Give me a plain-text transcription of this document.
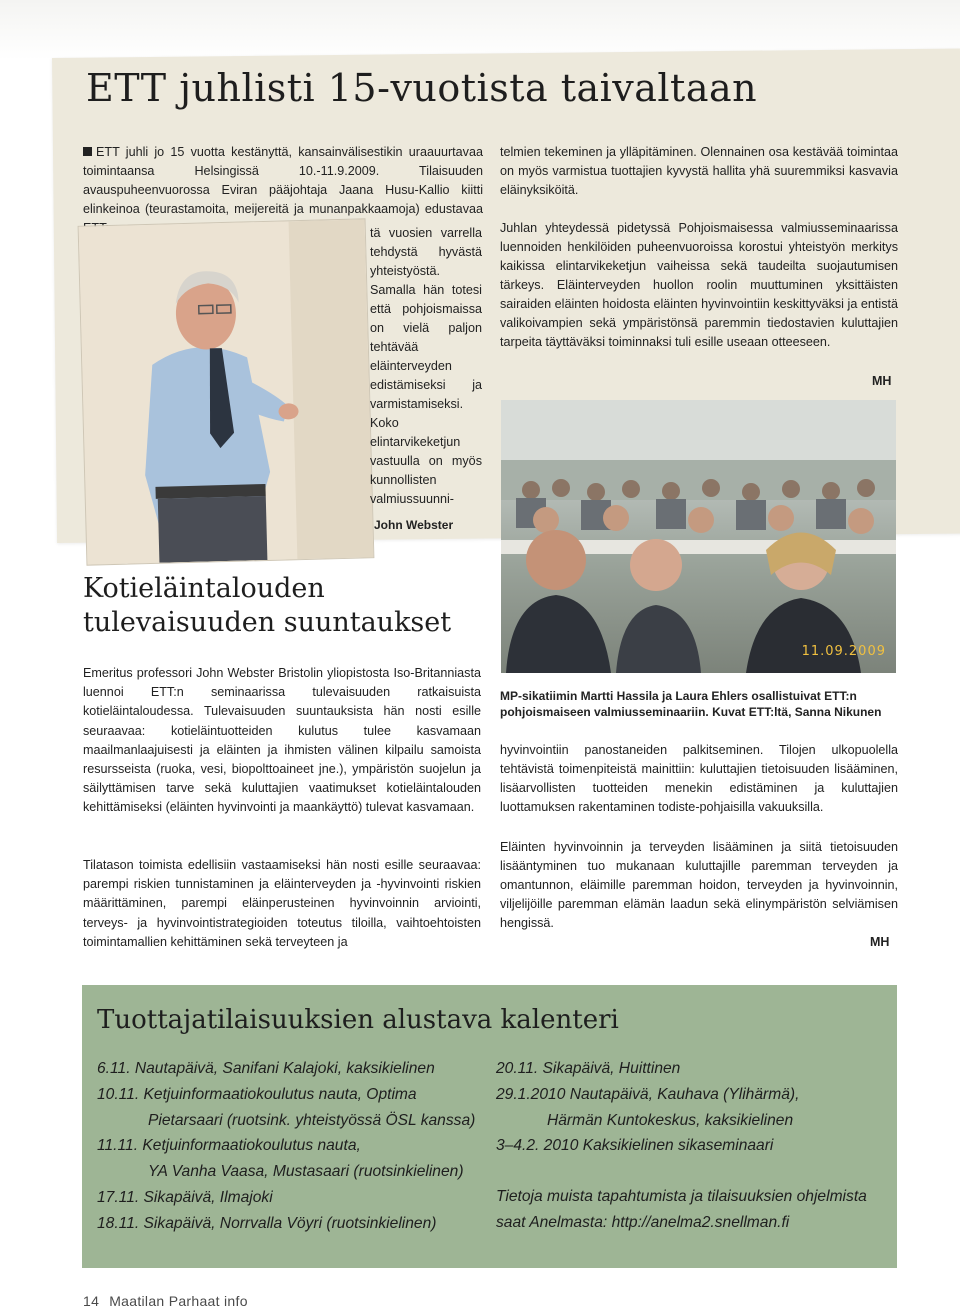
ETT juhlisti 15-vuotista taivaltaan

ETT juhli jo 15 vuotta kestänyttä, kansainvälisestikin uraauurtavaa toimintaansa Helsingissä 10.-11.9.2009. Tilaisuuden avauspuheenvuorossa Eviran pääjohtaja Jaana Husu-Kallio kiitti elinkeinoa (teurastamoita, meijereitä ja munanpakkaamoja) edustavaa

tä vuosien varrella tehdystä hyvästä yhteistyöstä. Samalla hän totesi että pohjoismaissa on vielä paljon tehtävää eläinterveyden edistämiseksi ja varmistamiseksi. Koko elintarvikeketjun vastuulla on myös kunnollisten valmiussuunni-

John Webster

telmien tekeminen ja ylläpitäminen. Olennainen osa kestävää toimintaa on myös varmistua tuottajien kyvystä hallita yhä suuremmiksi kasvavia eläinyksiköitä.

Juhlan yhteydessä pidetyssä Pohjoismaisessa valmiusseminaarissa luennoiden henkilöiden puheenvuoroissa korostui yhteistyön merkitys kaikissa elintarvikeketjun vaiheissa sekä taudeilta suojautumisen tärkeys. Eläinterveyden huollon roolin muuttuminen yksittäisten sairaiden eläinten hoidosta eläinten hyvinvointiin keskittyväksi ja entistä valikoivampien sekä ympäristönsä paremmin tiedostavien kuluttajien tarpeita täyttäväksi toiminnaksi tuli esille useaan otteeseen.

MH

11.09.2009

MP-sikatiimin Martti Hassila ja Laura Ehlers osallistuivat ETT:n pohjoismaiseen valmiusseminaariin. Kuvat ETT:ltä, Sanna Nikunen

Kotieläintalouden
tulevaisuuden suuntaukset

Emeritus professori John Webster Bristolin yliopistosta Iso-Britanniasta luennoi ETT:n seminaarissa tulevaisuuden ratkaisuista kotieläintaloudessa. Tulevaisuuden suuntauksista hän nosti esille seuraavaa: kotieläintuotteiden kulutus tulee kasvamaan maailmanlaajuisesti ja eläinten ja ihmisten välinen kilpailu samoista resursseista (ruoka, vesi, biopolttoaineet jne.), ympäristön suojelun ja säilyttämisen tarve sekä kuluttajien vaatimukset kotieläintalouden kehittämiseksi (eläinten hyvinvointi ja maankäyttö) tulevat kasvamaan.

Tilatason toimista edellisiin vastaamiseksi hän nosti esille seuraavaa: parempi riskien tunnistaminen ja eläinterveyden ja -hyvinvointi riskien määrittäminen, parempi eläinperusteinen hyvinvoinnin arviointi, terveys- ja hyvinvointistrategioiden toteutus tiloilla, vaihtoehtoisten toimintamallien kehittäminen sekä terveyteen ja

hyvinvointiin panostaneiden palkitseminen. Tilojen ulkopuolella tehtävistä toimenpiteistä mainittiin: kuluttajien tietoisuuden lisääminen, lisäarvollisten tuotteiden menekin edistäminen ja kuluttajien luottamuksen rakentaminen todiste-pohjaisilla vakuuksilla.

Eläinten hyvinvoinnin ja terveyden lisääminen ja siitä tietoisuuden lisääntyminen tuo mukanaan kuluttajille paremman terveyden ja omantunnon, eläimille paremman hoidon, terveyden ja hyvinvoinnin, viljelijöille paremman elämän laadun sekä elinympäristön selviämisen hengissä.

MH

Tuottajatilaisuuksien alustava kalenteri
6.11. Nautapäivä, Sanifani Kalajoki, kaksikielinen
10.11. Ketjuinformaatiokoulutus nauta, Optima
Pietarsaari (ruotsink. yhteistyössä ÖSL kanssa)
11.11. Ketjuinformaatiokoulutus nauta,
YA Vanha Vaasa, Mustasaari (ruotsinkielinen)
17.11. Sikapäivä, Ilmajoki
18.11. Sikapäivä, Norrvalla Vöyri (ruotsinkielinen)
20.11. Sikapäivä, Huittinen
29.1.2010 Nautapäivä, Kauhava (Ylihärmä),
Härmän Kuntokeskus, kaksikielinen
3–4.2. 2010 Kaksikielinen sikaseminaari

Tietoja muista tapahtumista ja tilaisuuksien ohjelmista saat Anelmasta: http://anelma2.snellman.fi

14 Maatilan Parhaat info
